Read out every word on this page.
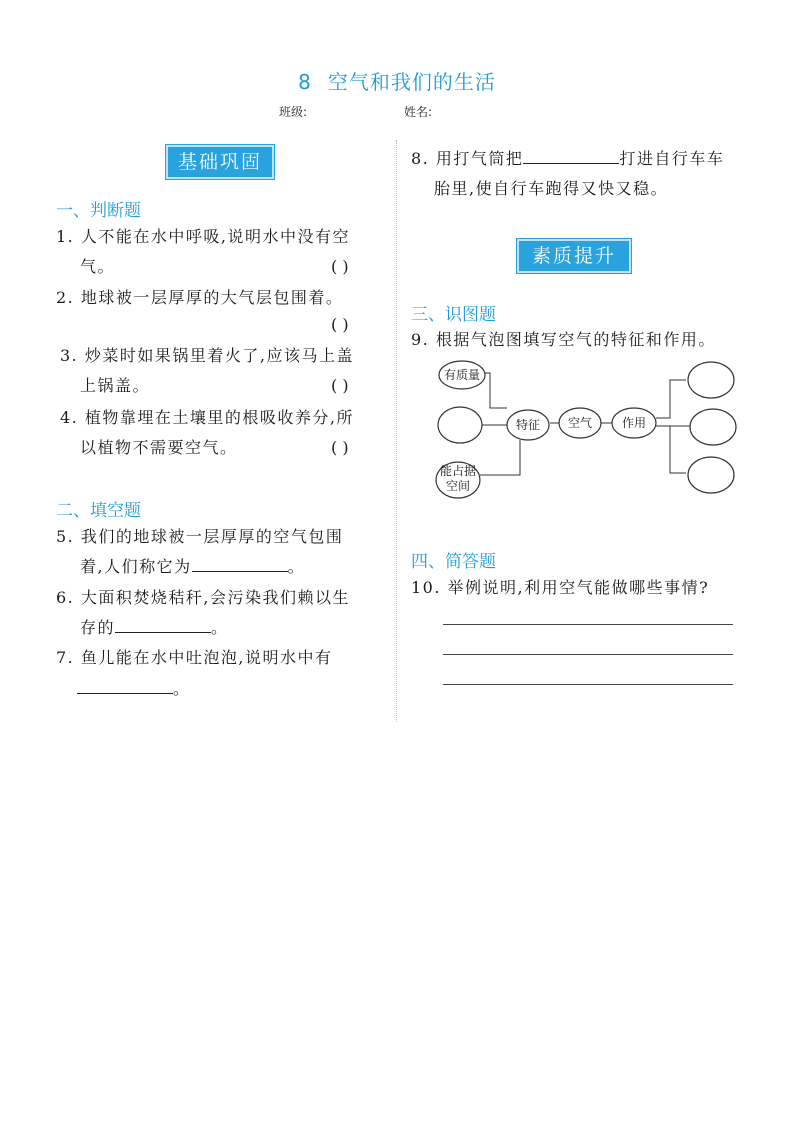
8 空气和我们的生活
班级:	姓名:
基础巩固
一、判断题
1. 人不能在水中呼吸,说明水中没有空
气。	( )
2. 地球被一层厚厚的大气层包围着。
( )
3. 炒菜时如果锅里着火了,应该马上盖
上锅盖。	( )
4. 植物靠埋在土壤里的根吸收养分,所
以植物不需要空气。	( )
二、填空题
5. 我们的地球被一层厚厚的空气包围
着,人们称它为	。
6. 大面积焚烧秸秆,会污染我们赖以生
存的	。
7. 鱼儿能在水中吐泡泡,说明水中有
。
8. 用打气筒把	打进自行车车
胎里,使自行车跑得又快又稳。
素质提升
三、识图题
9. 根据气泡图填写空气的特征和作用。
有质量
能占据
空间
特征 空气 作用
四、简答题
10. 举例说明,利用空气能做哪些事情?
